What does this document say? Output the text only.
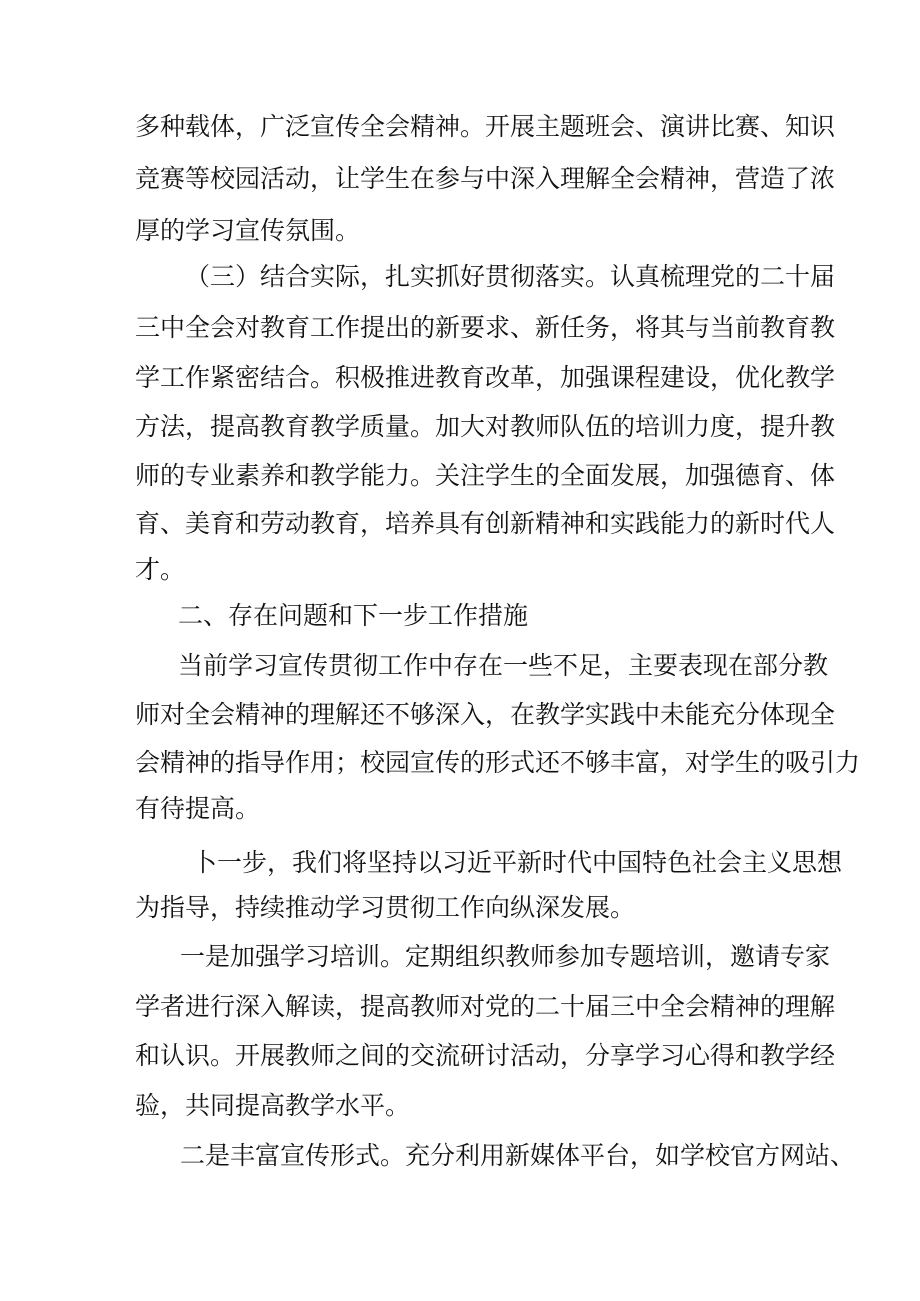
多种载体，广泛宣传全会精神。开展主题班会、演讲比赛、知识
竞赛等校园活动，让学生在参与中深入理解全会精神，营造了浓
厚的学习宣传氛围。
（三）结合实际，扎实抓好贯彻落实。认真梳理党的二十届
三中全会对教育工作提出的新要求、新任务，将其与当前教育教
学工作紧密结合。积极推进教育改革，加强课程建设，优化教学
方法，提高教育教学质量。加大对教师队伍的培训力度，提升教
师的专业素养和教学能力。关注学生的全面发展，加强德育、体
育、美育和劳动教育，培养具有创新精神和实践能力的新时代人
才。
二、存在问题和下一步工作措施
当前学习宣传贯彻工作中存在一些不足，主要表现在部分教
师对全会精神的理解还不够深入，在教学实践中未能充分体现全
会精神的指导作用；校园宣传的形式还不够丰富，对学生的吸引力
有待提高。
卜一步，我们将坚持以习近平新时代中国特色社会主义思想
为指导，持续推动学习贯彻工作向纵深发展。
一是加强学习培训。定期组织教师参加专题培训，邀请专家
学者进行深入解读，提高教师对党的二十届三中全会精神的理解
和认识。开展教师之间的交流研讨活动，分享学习心得和教学经
验，共同提高教学水平。
二是丰富宣传形式。充分利用新媒体平台，如学校官方网站、
